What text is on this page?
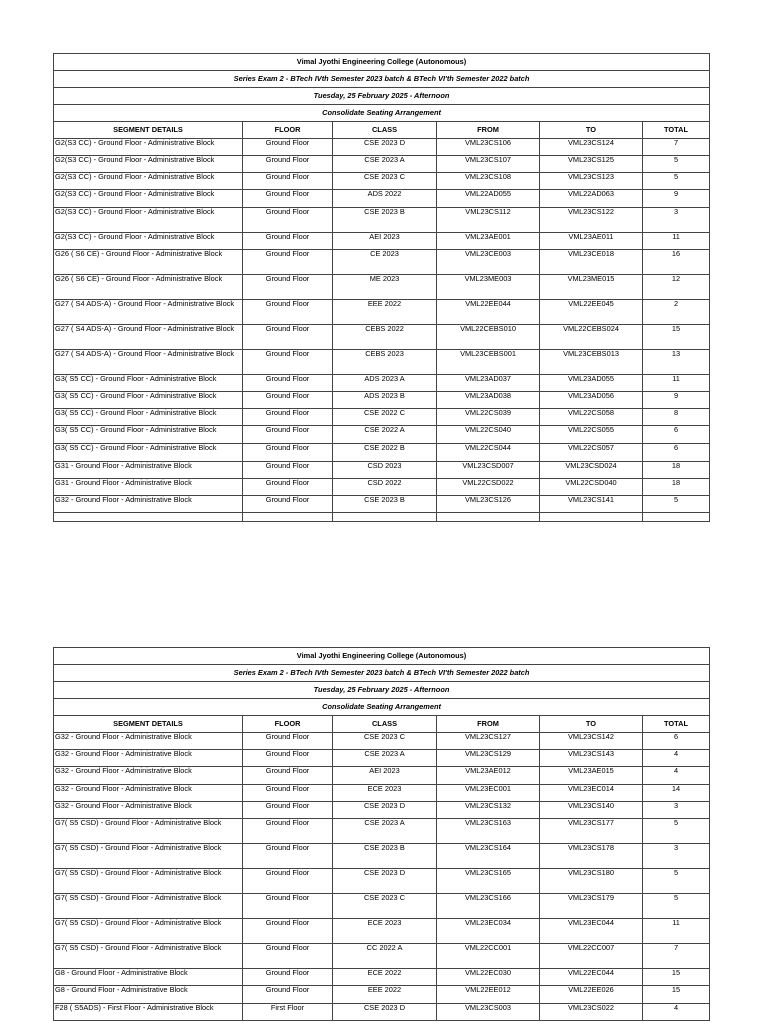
Vimal Jyothi Engineering College (Autonomous)					
Series Exam 2 - BTech IVth Semester 2023 batch & BTech VI'th Semester 2022 batch					
Tuesday, 25 February 2025 - Afternoon					
Consolidate Seating Arrangement					
SEGMENT DETAILS	FLOOR	CLASS	FROM	TO	TOTAL
G2(S3 CC) - Ground Floor - Administrative Block	Ground Floor	CSE 2023 D	VML23CS106	VML23CS124	7
G2(S3 CC) - Ground Floor - Administrative Block	Ground Floor	CSE 2023 A	VML23CS107	VML23CS125	5
G2(S3 CC) - Ground Floor - Administrative Block	Ground Floor	CSE 2023 C	VML23CS108	VML23CS123	5
G2(S3 CC) - Ground Floor - Administrative Block	Ground Floor	ADS 2022	VML22AD055	VML22AD063	9
G2(S3 CC) - Ground Floor - Administrative Block	Ground Floor	CSE 2023 B	VML23CS112	VML23CS122	3
G2(S3 CC) - Ground Floor - Administrative Block	Ground Floor	AEI 2023	VML23AE001	VML23AE011	11
G26 ( S6 CE) - Ground Floor - Administrative Block	Ground Floor	CE 2023	VML23CE003	VML23CE018	16
G26 ( S6 CE) - Ground Floor - Administrative Block	Ground Floor	ME 2023	VML23ME003	VML23ME015	12
G27 ( S4 ADS-A) - Ground Floor - Administrative Block	Ground Floor	EEE 2022	VML22EE044	VML22EE045	2
G27 ( S4 ADS-A) - Ground Floor - Administrative Block	Ground Floor	CEBS 2022	VML22CEBS010	VML22CEBS024	15
G27 ( S4 ADS-A) - Ground Floor - Administrative Block	Ground Floor	CEBS 2023	VML23CEBS001	VML23CEBS013	13
G3( S5 CC) - Ground Floor - Administrative Block	Ground Floor	ADS 2023 A	VML23AD037	VML23AD055	11
G3( S5 CC) - Ground Floor - Administrative Block	Ground Floor	ADS 2023 B	VML23AD038	VML23AD056	9
G3( S5 CC) - Ground Floor - Administrative Block	Ground Floor	CSE 2022 C	VML22CS039	VML22CS058	8
G3( S5 CC) - Ground Floor - Administrative Block	Ground Floor	CSE 2022 A	VML22CS040	VML22CS055	6
G3( S5 CC) - Ground Floor - Administrative Block	Ground Floor	CSE 2022 B	VML22CS044	VML22CS057	6
G31 - Ground Floor - Administrative Block	Ground Floor	CSD 2023	VML23CSD007	VML23CSD024	18
G31 - Ground Floor - Administrative Block	Ground Floor	CSD 2022	VML22CSD022	VML22CSD040	18
G32 - Ground Floor - Administrative Block	Ground Floor	CSE 2023 B	VML23CS126	VML23CS141	5

Vimal Jyothi Engineering College (Autonomous)					
Series Exam 2 - BTech IVth Semester 2023 batch & BTech VI'th Semester 2022 batch					
Tuesday, 25 February 2025 - Afternoon					
Consolidate Seating Arrangement					
SEGMENT DETAILS	FLOOR	CLASS	FROM	TO	TOTAL
G32 - Ground Floor - Administrative Block	Ground Floor	CSE 2023 C	VML23CS127	VML23CS142	6
G32 - Ground Floor - Administrative Block	Ground Floor	CSE 2023 A	VML23CS129	VML23CS143	4
G32 - Ground Floor - Administrative Block	Ground Floor	AEI 2023	VML23AE012	VML23AE015	4
G32 - Ground Floor - Administrative Block	Ground Floor	ECE 2023	VML23EC001	VML23EC014	14
G32 - Ground Floor - Administrative Block	Ground Floor	CSE 2023 D	VML23CS132	VML23CS140	3
G7( S5 CSD) - Ground Floor - Administrative Block	Ground Floor	CSE 2023 A	VML23CS163	VML23CS177	5
G7( S5 CSD) - Ground Floor - Administrative Block	Ground Floor	CSE 2023 B	VML23CS164	VML23CS178	3
G7( S5 CSD) - Ground Floor - Administrative Block	Ground Floor	CSE 2023 D	VML23CS165	VML23CS180	5
G7( S5 CSD) - Ground Floor - Administrative Block	Ground Floor	CSE 2023 C	VML23CS166	VML23CS179	5
G7( S5 CSD) - Ground Floor - Administrative Block	Ground Floor	ECE 2023	VML23EC034	VML23EC044	11
G7( S5 CSD) - Ground Floor - Administrative Block	Ground Floor	CC 2022 A	VML22CC001	VML22CC007	7
G8 - Ground Floor - Administrative Block	Ground Floor	ECE 2022	VML22EC030	VML22EC044	15
G8 - Ground Floor - Administrative Block	Ground Floor	EEE 2022	VML22EE012	VML22EE026	15
F28 ( S5ADS) - First Floor - Administrative Block	First Floor	CSE 2023 D	VML23CS003	VML23CS022	4
